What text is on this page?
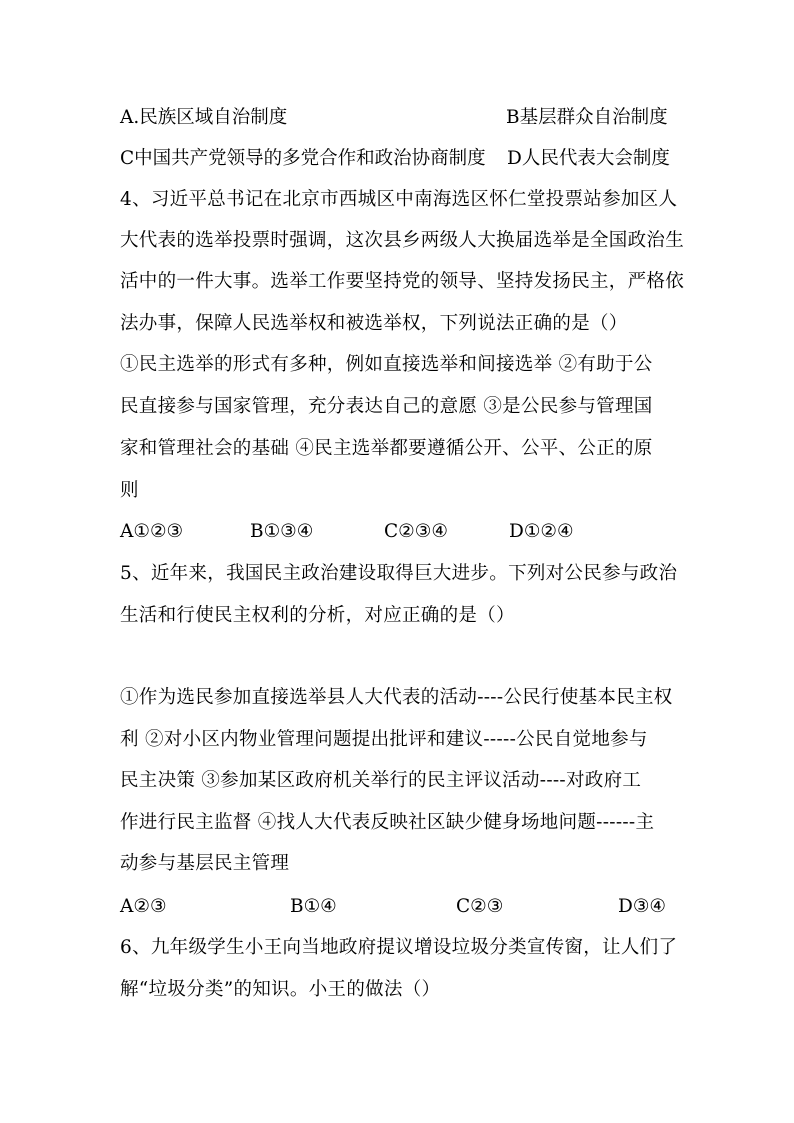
A.民族区域自治制度	B基层群众自治制度
C中国共产党领导的多党合作和政治协商制度 D人民代表大会制度
4、习近平总书记在北京市西城区中南海选区怀仁堂投票站参加区人
大代表的选举投票时强调，这次县乡两级人大换届选举是全国政治生
活中的一件大事。选举工作要坚持党的领导、坚持发扬民主，严格依
法办事，保障人民选举权和被选举权，下列说法正确的是（）
①民主选举的形式有多种，例如直接选举和间接选举 ②有助于公
民直接参与国家管理，充分表达自己的意愿 ③是公民参与管理国
家和管理社会的基础 ④民主选举都要遵循公开、公平、公正的原
则
A①②③	B①③④	C②③④	D①②④
5、近年来，我国民主政治建设取得巨大进步。下列对公民参与政治
生活和行使民主权利的分析，对应正确的是（）
①作为选民参加直接选举县人大代表的活动----公民行使基本民主权
利 ②对小区内物业管理问题提出批评和建议-----公民自觉地参与
民主决策 ③参加某区政府机关举行的民主评议活动----对政府工
作进行民主监督 ④找人大代表反映社区缺少健身场地问题------主
动参与基层民主管理
A②③	B①④	C②③	D③④
6、九年级学生小王向当地政府提议增设垃圾分类宣传窗，让人们了
解“垃圾分类”的知识。小王的做法（）
